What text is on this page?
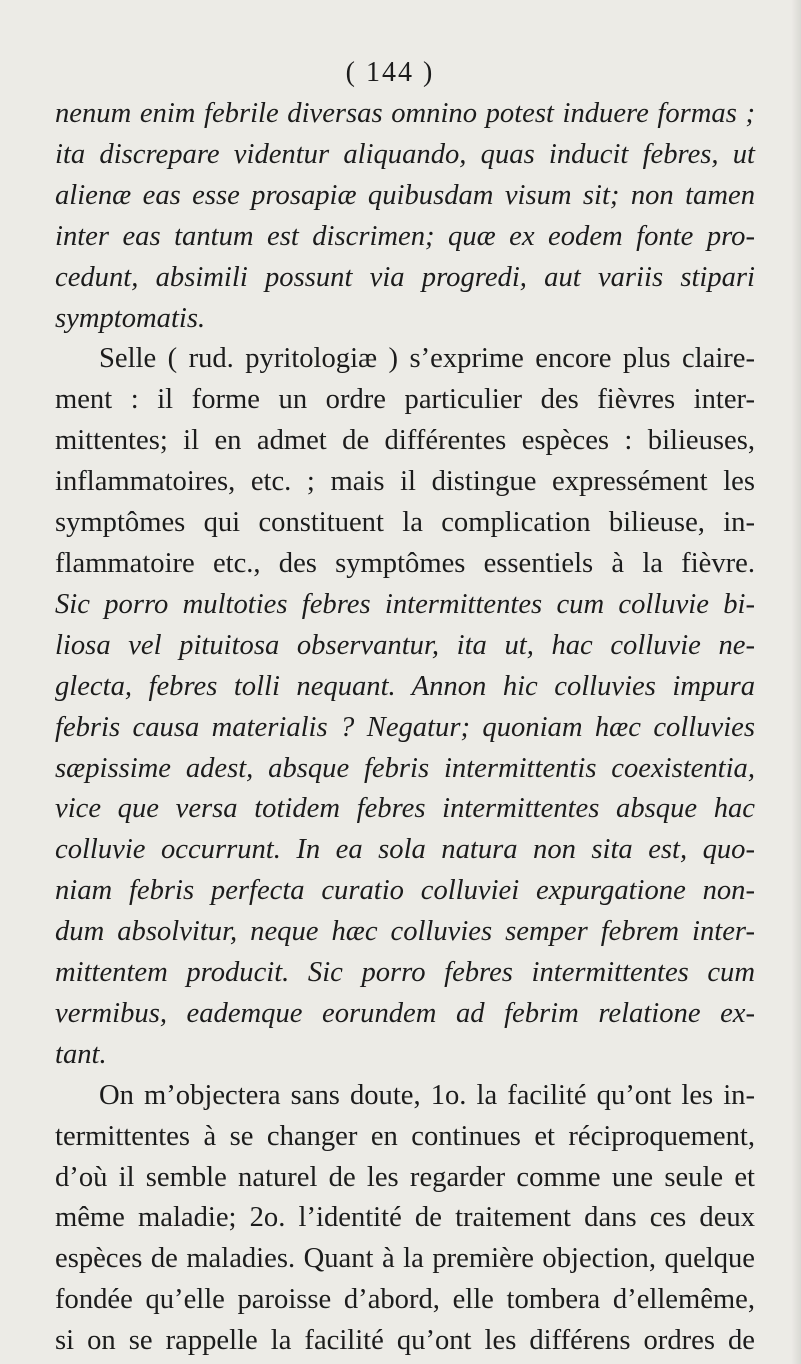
( 144 )
nenum enim febrile diversas omnino potest induere formas ;
ita discrepare videntur aliquando, quas inducit febres, ut
alienæ eas esse prosapiæ quibusdam visum sit; non tamen
inter eas tantum est discrimen; quæ ex eodem fonte pro-
cedunt, absimili possunt via progredi, aut variis stipari
symptomatis.
Selle ( rud. pyritologiæ ) s’exprime encore plus claire-
ment : il forme un ordre particulier des fièvres inter-
mittentes; il en admet de différentes espèces : bilieuses,
inflammatoires, etc. ; mais il distingue expressément les
symptômes qui constituent la complication bilieuse, in-
flammatoire etc., des symptômes essentiels à la fièvre.
Sic porro multoties febres intermittentes cum colluvie bi-
liosa vel pituitosa observantur, ita ut, hac colluvie ne-
glecta, febres tolli nequant. Annon hic colluvies impura
febris causa materialis ? Negatur; quoniam hæc colluvies
sæpissime adest, absque febris intermittentis coexistentia,
vice que versa totidem febres intermittentes absque hac
colluvie occurrunt. In ea sola natura non sita est, quo-
niam febris perfecta curatio colluviei expurgatione non-
dum absolvitur, neque hæc colluvies semper febrem inter-
mittentem producit. Sic porro febres intermittentes cum
vermibus, eademque eorundem ad febrim relatione ex-
tant.
On m’objectera sans doute, 1o. la facilité qu’ont les in-
termittentes à se changer en continues et réciproquement,
d’où il semble naturel de les regarder comme une seule et
même maladie; 2o. l’identité de traitement dans ces deux
espèces de maladies. Quant à la première objection, quelque
fondée qu’elle paroisse d’abord, elle tombera d’ellemême,
si on se rappelle la facilité qu’ont les différens ordres de
